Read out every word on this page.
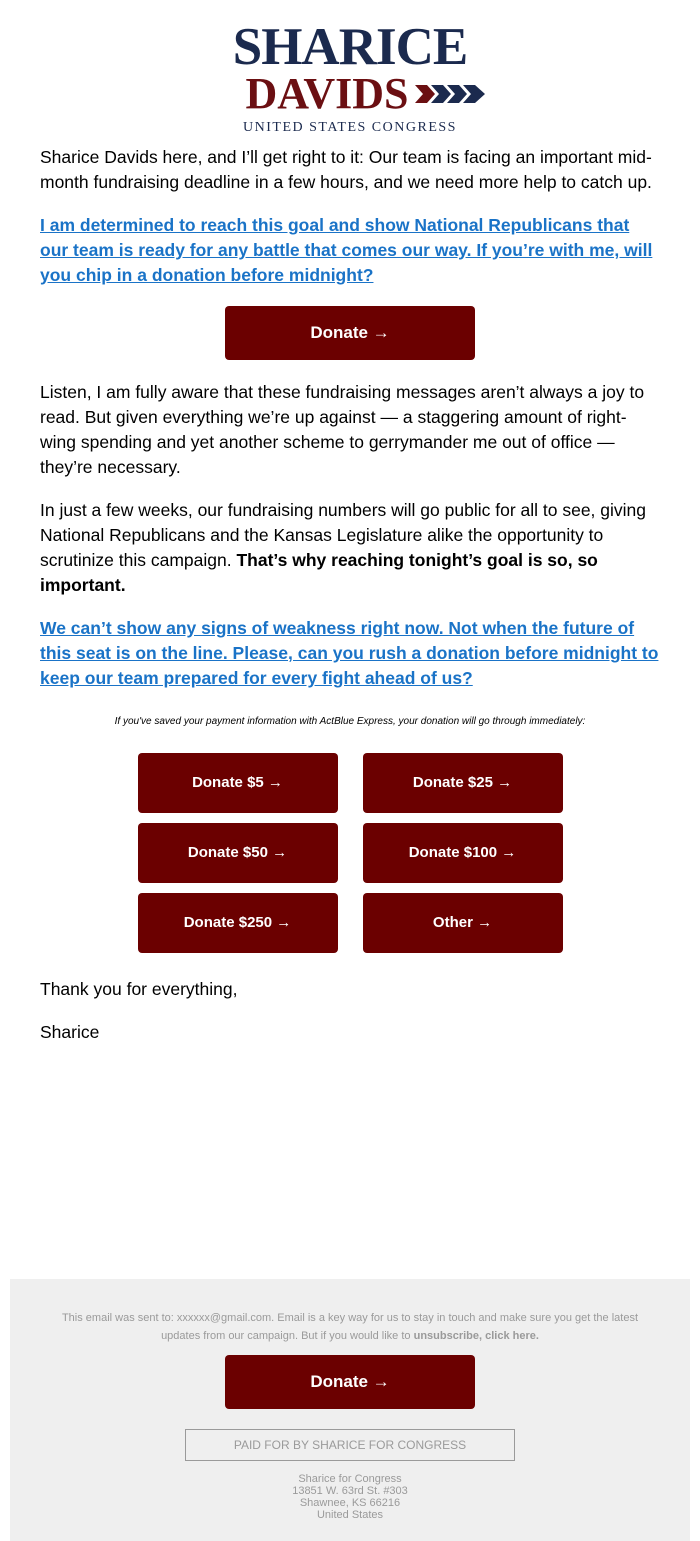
SHARICE
DAVIDS
UNITED STATES CONGRESS

Sharice Davids here, and I’ll get right to it: Our team is facing an important mid-month fundraising deadline in a few hours, and we need more help to catch up.

I am determined to reach this goal and show National Republicans that our team is ready for any battle that comes our way. If you’re with me, will you chip in a donation before midnight?

Donate →

Listen, I am fully aware that these fundraising messages aren’t always a joy to read. But given everything we’re up against — a staggering amount of right-wing spending and yet another scheme to gerrymander me out of office — they’re necessary.

In just a few weeks, our fundraising numbers will go public for all to see, giving National Republicans and the Kansas Legislature alike the opportunity to scrutinize this campaign. That’s why reaching tonight’s goal is so, so important.

We can’t show any signs of weakness right now. Not when the future of this seat is on the line. Please, can you rush a donation before midnight to keep our team prepared for every fight ahead of us?

If you've saved your payment information with ActBlue Express, your donation will go through immediately:
Donate $5 →	Donate $25 →
Donate $50 →	Donate $100 →
Donate $250 →	Other →

Thank you for everything,

Sharice

This email was sent to: xxxxxx@gmail.com. Email is a key way for us to stay in touch and make sure you get the latest updates from our campaign. But if you would like to unsubscribe, click here.
Donate →
PAID FOR BY SHARICE FOR CONGRESS
Sharice for Congress
13851 W. 63rd St. #303
Shawnee, KS 66216
United States
